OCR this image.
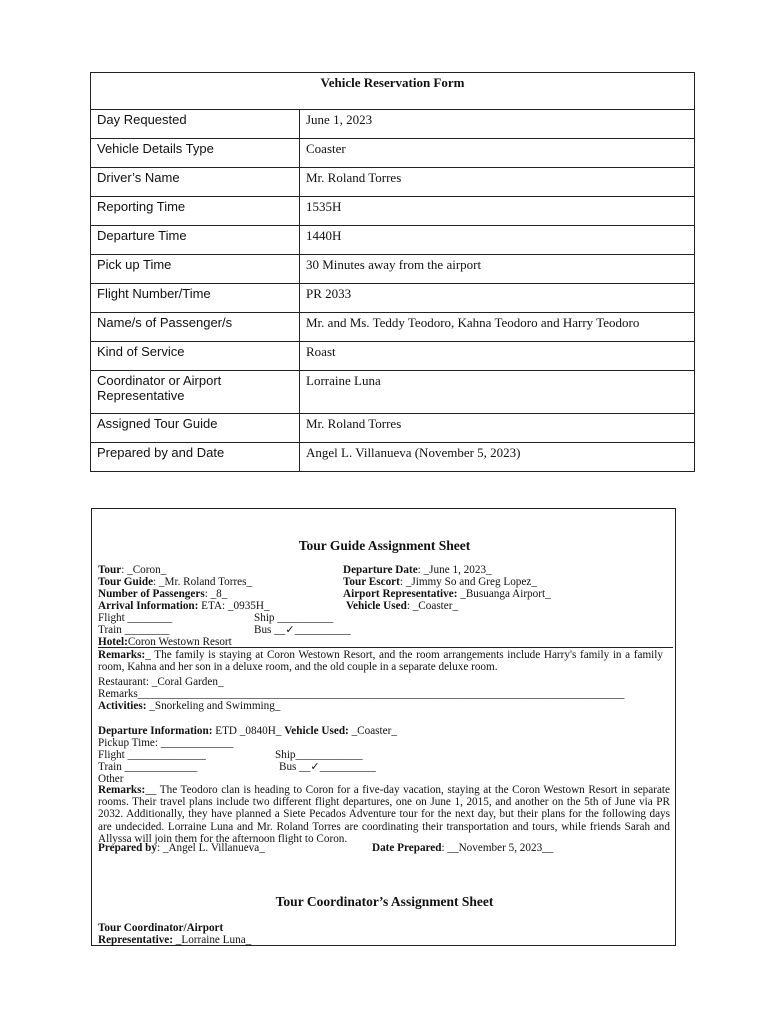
Vehicle Reservation Form	
Day Requested	June 1, 2023
Vehicle Details Type	Coaster
Driver’s Name	Mr. Roland Torres
Reporting Time	1535H
Departure Time	1440H
Pick up Time	30 Minutes away from the airport
Flight Number/Time	PR 2033
Name/s of Passenger/s	Mr. and Ms. Teddy Teodoro, Kahna Teodoro and Harry Teodoro
Kind of Service	Roast
Coordinator or Airport Representative	Lorraine Luna
Assigned Tour Guide	Mr. Roland Torres
Prepared by and Date	Angel L. Villanueva (November 5, 2023)
Tour Guide Assignment Sheet
Tour: _Coron_	Departure Date: _June 1, 2023_
Tour Guide: _Mr. Roland Torres_	Tour Escort: _Jimmy So and Greg Lopez_
Number of Passengers: _8_	Airport Representative: _Busuanga Airport_
Arrival Information: ETA: _0935H_	Vehicle Used: _Coaster_
Flight ________	Ship __________
Train ________	Bus __✓__________
Hotel:Coron Westown Resort
Remarks:_ The family is staying at Coron Westown Resort, and the room arrangements include Harry's family in a family room, Kahna and her son in a deluxe room, and the old couple in a separate deluxe room.
Restaurant: _Coral Garden_
Remarks_______________________________________________________________________________________
Activities: _Snorkeling and Swimming_
Departure Information: ETD _0840H_ Vehicle Used: _Coaster_
Pickup Time: _____________
Flight ______________	Ship____________
Train _____________	Bus __✓__________
Other
Remarks:__ The Teodoro clan is heading to Coron for a five-day vacation, staying at the Coron Westown Resort in separate rooms. Their travel plans include two different flight departures, one on June 1, 2015, and another on the 5th of June via PR 2032. Additionally, they have planned a Siete Pecados Adventure tour for the next day, but their plans for the following days are undecided. Lorraine Luna and Mr. Roland Torres are coordinating their transportation and tours, while friends Sarah and Allyssa will join them for the afternoon flight to Coron.
Prepared by: _Angel L. Villanueva_	Date Prepared: __November 5, 2023__
Tour Coordinator’s Assignment Sheet
Tour Coordinator/Airport
Representative: _Lorraine Luna_
